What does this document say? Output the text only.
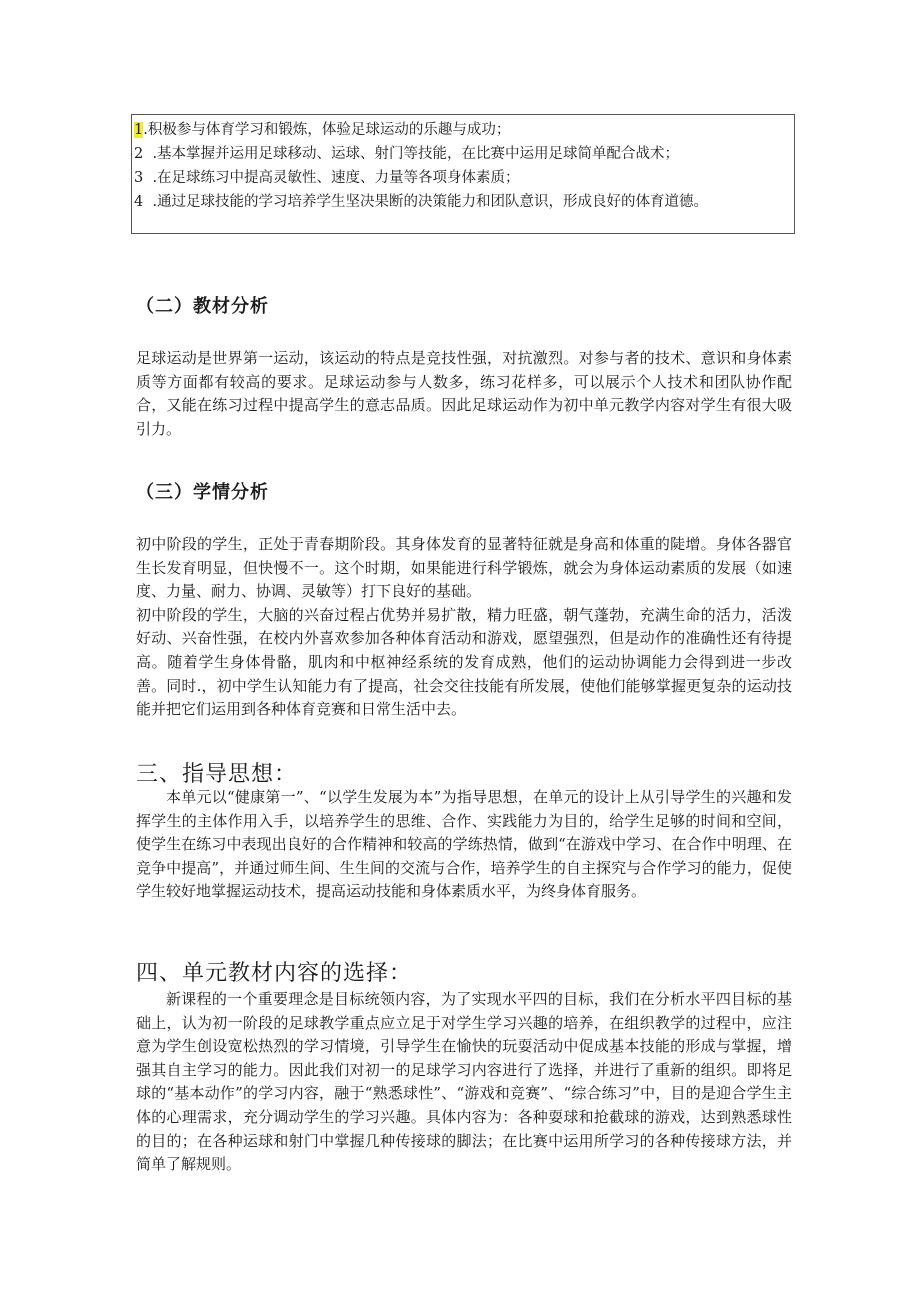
1.积极参与体育学习和锻炼，体验足球运动的乐趣与成功；
2  .基本掌握并运用足球移动、运球、射门等技能，在比赛中运用足球简单配合战术；
3  .在足球练习中提高灵敏性、速度、力量等各项身体素质；
4  .通过足球技能的学习培养学生坚决果断的决策能力和团队意识，形成良好的体育道德。
（二）教材分析

足球运动是世界第一运动，该运动的特点是竞技性强，对抗激烈。对参与者的技术、意识和身体素质等方面都有较高的要求。足球运动参与人数多，练习花样多，可以展示个人技术和团队协作配合，又能在练习过程中提高学生的意志品质。因此足球运动作为初中单元教学内容对学生有很大吸引力。

（三）学情分析

初中阶段的学生，正处于青春期阶段。其身体发育的显著特征就是身高和体重的陡增。身体各器官生长发育明显，但快慢不一。这个时期，如果能进行科学锻炼，就会为身体运动素质的发展（如速度、力量、耐力、协调、灵敏等）打下良好的基础。

初中阶段的学生，大脑的兴奋过程占优势并易扩散，精力旺盛，朝气蓬勃，充满生命的活力，活泼好动、兴奋性强，在校内外喜欢参加各种体育活动和游戏，愿望强烈，但是动作的准确性还有待提高。随着学生身体骨骼，肌肉和中枢神经系统的发育成熟，他们的运动协调能力会得到进一步改善。同时.，初中学生认知能力有了提高，社会交往技能有所发展，使他们能够掌握更复杂的运动技能并把它们运用到各种体育竞赛和日常生活中去。

三、指导思想：

本单元以“健康第一”、“以学生发展为本”为指导思想，在单元的设计上从引导学生的兴趣和发挥学生的主体作用入手，以培养学生的思维、合作、实践能力为目的，给学生足够的时间和空间，使学生在练习中表现出良好的合作精神和较高的学练热情，做到“在游戏中学习、在合作中明理、在竞争中提高”，并通过师生间、生生间的交流与合作，培养学生的自主探究与合作学习的能力，促使学生较好地掌握运动技术，提高运动技能和身体素质水平，为终身体育服务。

四、单元教材内容的选择：

新课程的一个重要理念是目标统领内容，为了实现水平四的目标，我们在分析水平四目标的基础上，认为初一阶段的足球教学重点应立足于对学生学习兴趣的培养，在组织教学的过程中，应注意为学生创设宽松热烈的学习情境，引导学生在愉快的玩耍活动中促成基本技能的形成与掌握，增强其自主学习的能力。因此我们对初一的足球学习内容进行了选择，并进行了重新的组织。即将足球的“基本动作”的学习内容，融于“熟悉球性”、“游戏和竞赛”、“综合练习”中，目的是迎合学生主体的心理需求，充分调动学生的学习兴趣。具体内容为：各种耍球和抢截球的游戏，达到熟悉球性的目的；在各种运球和射门中掌握几种传接球的脚法；在比赛中运用所学习的各种传接球方法，并简单了解规则。
